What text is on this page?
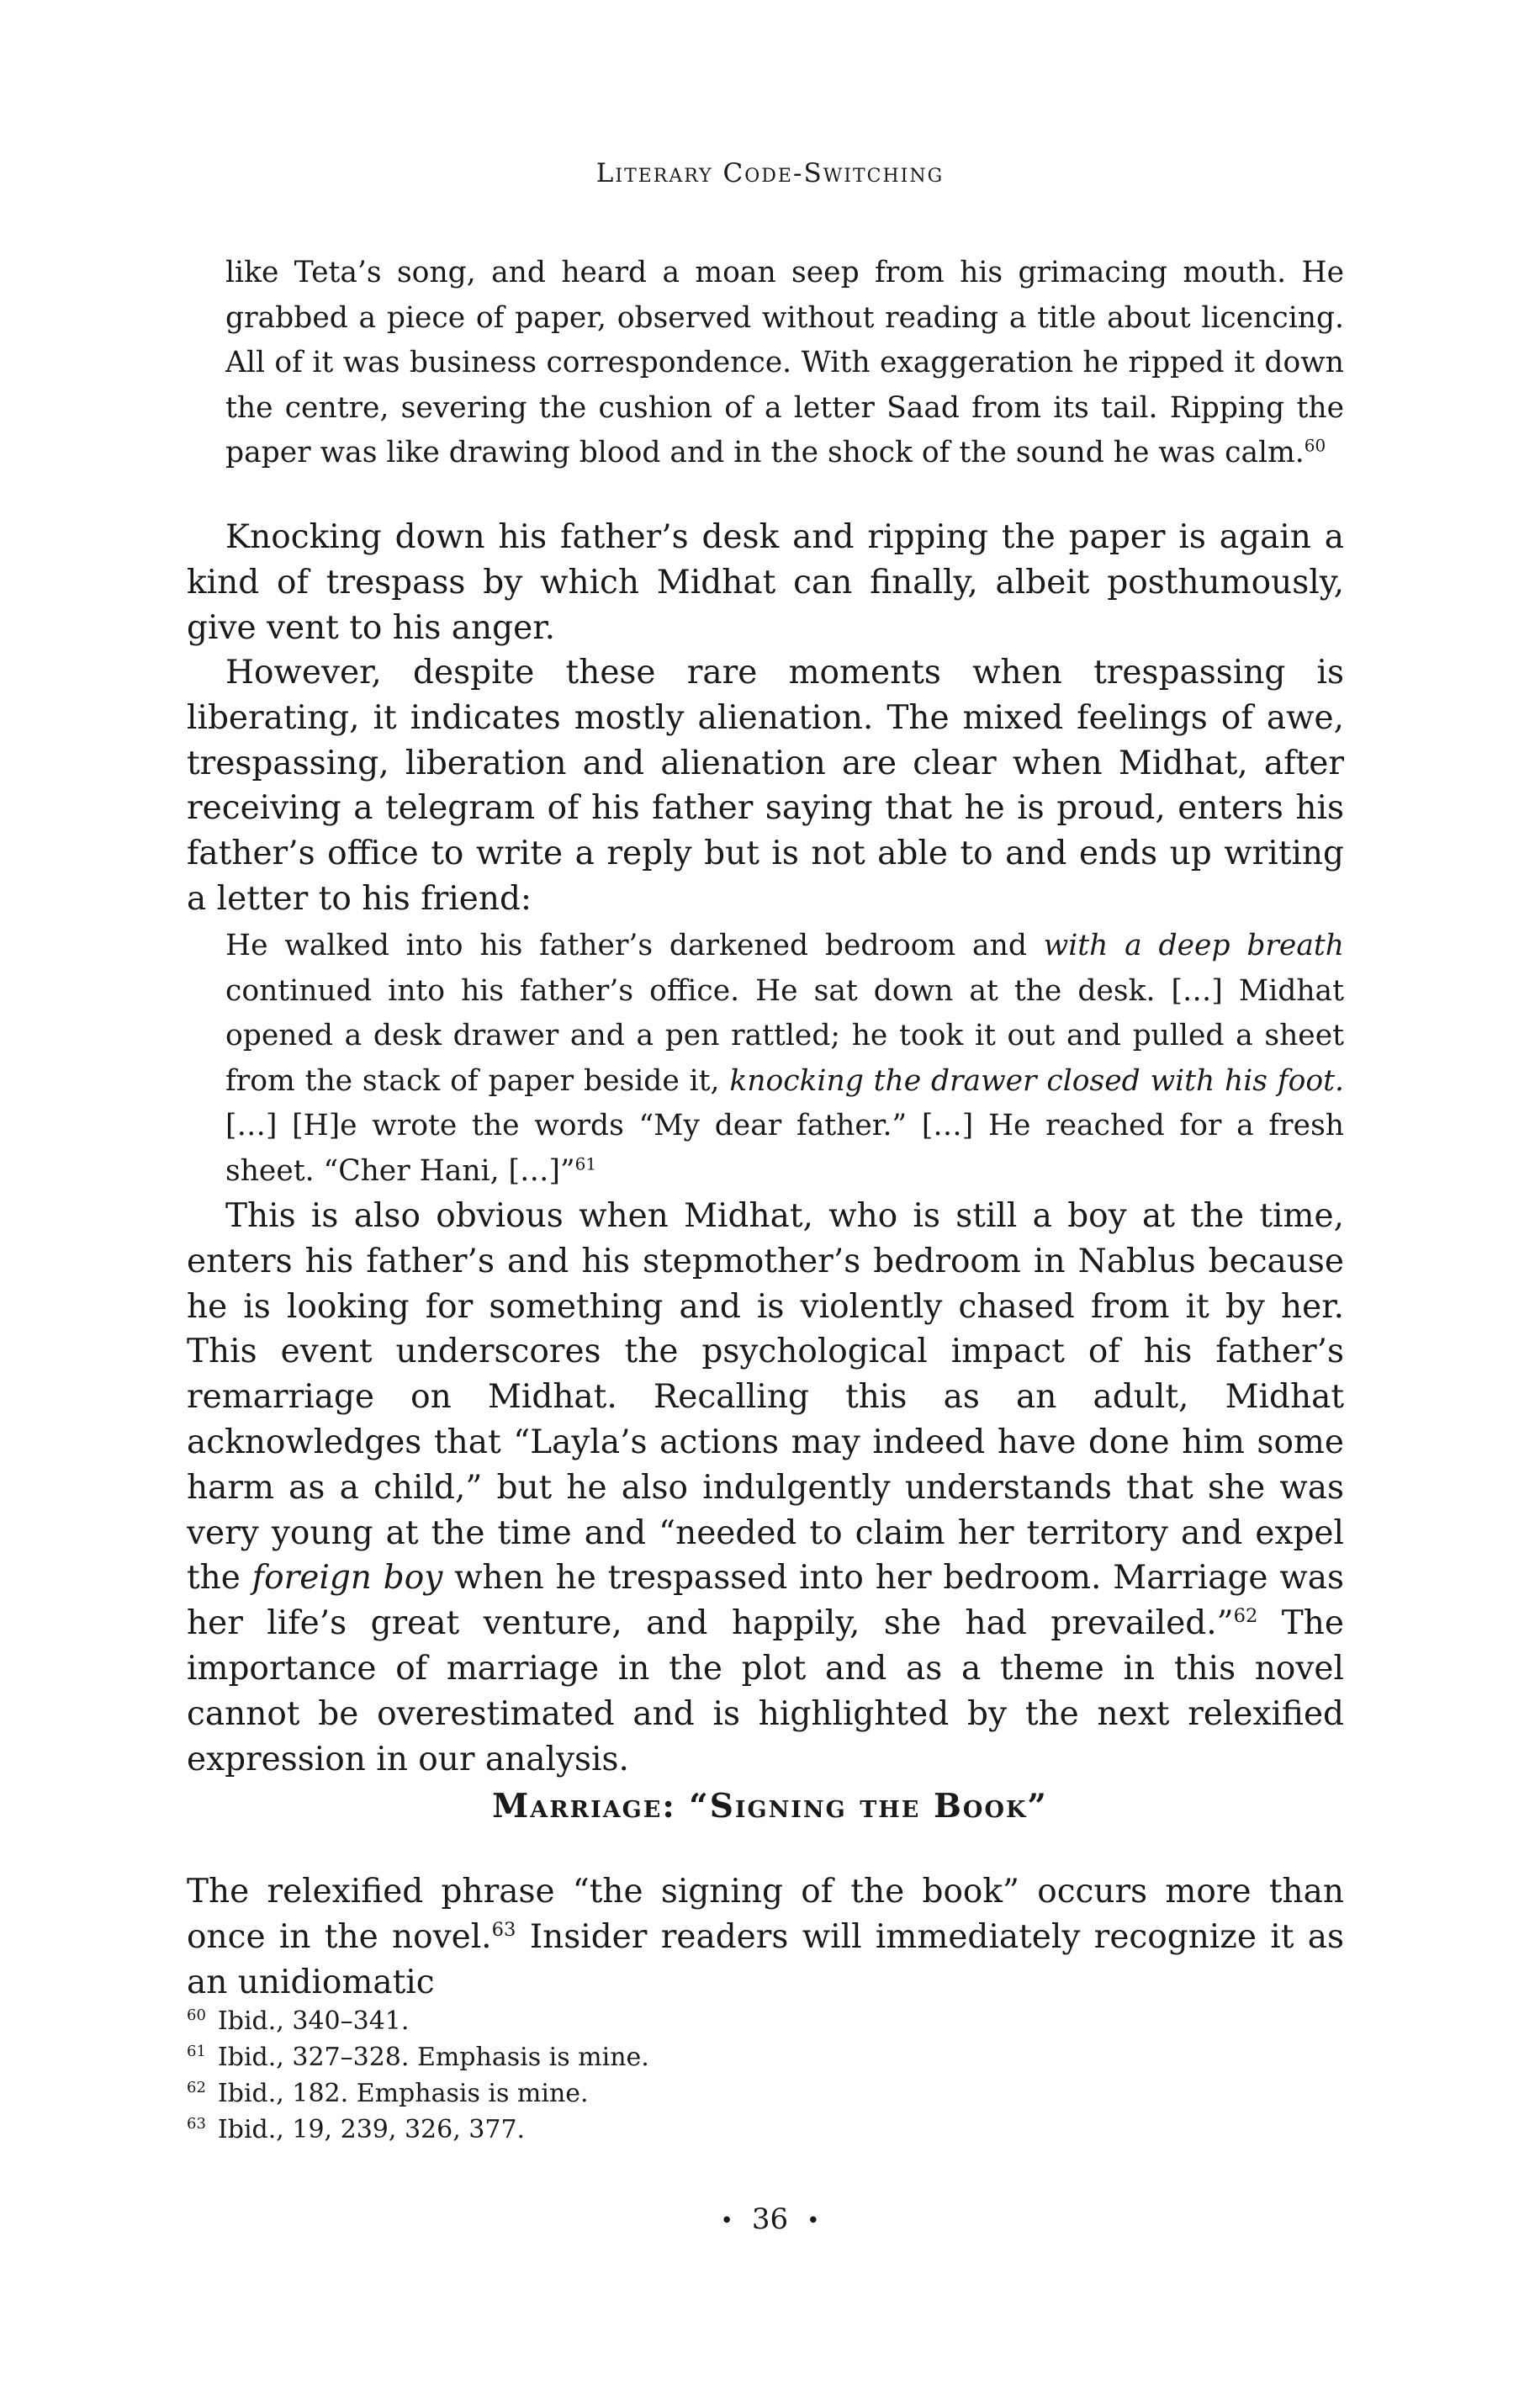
Literary Code-Switching

like Teta’s song, and heard a moan seep from his grimacing mouth. He grabbed a piece of paper, observed without reading a title about licencing. All of it was business correspondence. With exaggeration he ripped it down the centre, severing the cushion of a letter Saad from its tail. Ripping the paper was like drawing blood and in the shock of the sound he was calm.$^{60}$

Knocking down his father’s desk and ripping the paper is again a kind of trespass by which Midhat can finally, albeit posthumously, give vent to his anger.

However, despite these rare moments when trespassing is liberating, it indicates mostly alienation. The mixed feelings of awe, trespassing, liberation and alienation are clear when Midhat, after receiving a telegram of his father saying that he is proud, enters his father’s office to write a reply but is not able to and ends up writing a letter to his friend:

He walked into his father’s darkened bedroom and with a deep breath continued into his father’s office. He sat down at the desk. […] Midhat opened a desk drawer and a pen rattled; he took it out and pulled a sheet from the stack of paper beside it, knocking the drawer closed with his foot. […] [H]e wrote the words “My dear father.” […] He reached for a fresh sheet. “Cher Hani, […]”$^{61}$

This is also obvious when Midhat, who is still a boy at the time, enters his father’s and his stepmother’s bedroom in Nablus because he is looking for something and is violently chased from it by her. This event underscores the psychological impact of his father’s remarriage on Midhat. Recalling this as an adult, Midhat acknowledges that “Layla’s actions may indeed have done him some harm as a child,” but he also indulgently understands that she was very young at the time and “needed to claim her territory and expel the foreign boy when he trespassed into her bedroom. Marriage was her life’s great venture, and happily, she had prevailed.”$^{62}$ The importance of marriage in the plot and as a theme in this novel cannot be overestimated and is highlighted by the next relexified expression in our analysis.

Marriage: “Signing the Book”

The relexified phrase “the signing of the book” occurs more than once in the novel.$^{63}$ Insider readers will immediately recognize it as an unidiomatic

$^{60}$ Ibid., 340–341.

$^{61}$ Ibid., 327–328. Emphasis is mine.

$^{62}$ Ibid., 182. Emphasis is mine.

$^{63}$ Ibid., 19, 239, 326, 377.

• 36 •
